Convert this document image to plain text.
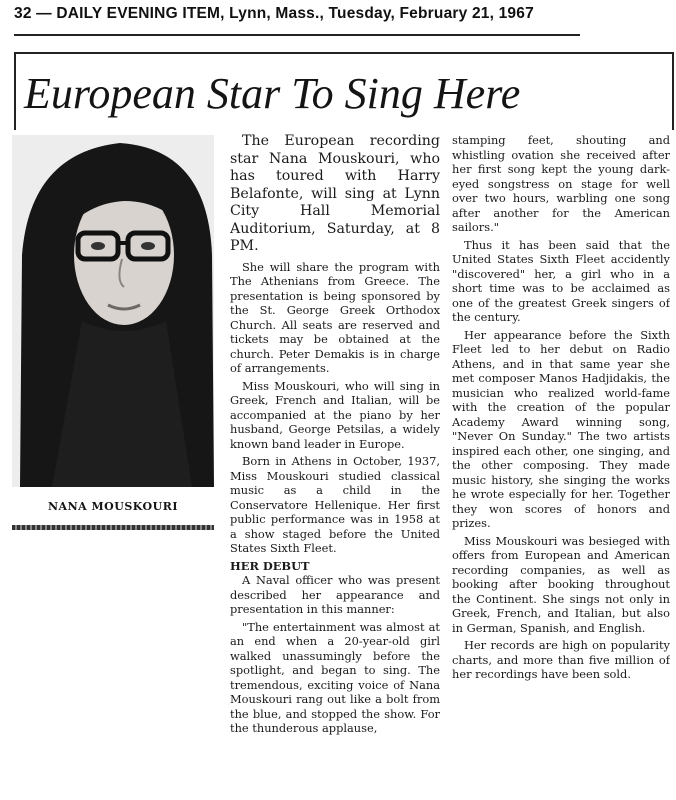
32 — DAILY EVENING ITEM, Lynn, Mass., Tuesday, February 21, 1967
European Star To Sing Here
NANA MOUSKOURI

The European recording star Nana Mouskouri, who has toured with Harry Belafonte, will sing at Lynn City Hall Memorial Auditorium, Saturday, at 8 PM.

She will share the program with The Athenians from Greece. The presentation is being sponsored by the St. George Greek Orthodox Church. All seats are reserved and tickets may be obtained at the church. Peter Demakis is in charge of arrangements.

Miss Mouskouri, who will sing in Greek, French and Italian, will be accompanied at the piano by her husband, George Petsilas, a widely known band leader in Europe.

Born in Athens in October, 1937, Miss Mouskouri studied classical music as a child in the Conservatore Hellenique. Her first public performance was in 1958 at a show staged before the United States Sixth Fleet.

HER DEBUT

A Naval officer who was present described her appearance and presentation in this manner:

"The entertainment was almost at an end when a 20-year-old girl walked unassumingly before the spotlight, and began to sing. The tremendous, exciting voice of Nana Mouskouri rang out like a bolt from the blue, and stopped the show. For the thunderous applause,

stamping feet, shouting and whistling ovation she received after her first song kept the young dark-eyed songstress on stage for well over two hours, warbling one song after another for the American sailors."

Thus it has been said that the United States Sixth Fleet accidently "discovered" her, a girl who in a short time was to be acclaimed as one of the greatest Greek singers of the century.

Her appearance before the Sixth Fleet led to her debut on Radio Athens, and in that same year she met composer Manos Hadjidakis, the musician who realized world-fame with the creation of the popular Academy Award winning song, "Never On Sunday." The two artists inspired each other, one singing, and the other composing. They made music history, she singing the works he wrote especially for her. Together they won scores of honors and prizes.

Miss Mouskouri was besieged with offers from European and American recording companies, as well as booking after booking throughout the Continent. She sings not only in Greek, French, and Italian, but also in German, Spanish, and English.

Her records are high on popularity charts, and more than five million of her recordings have been sold.
